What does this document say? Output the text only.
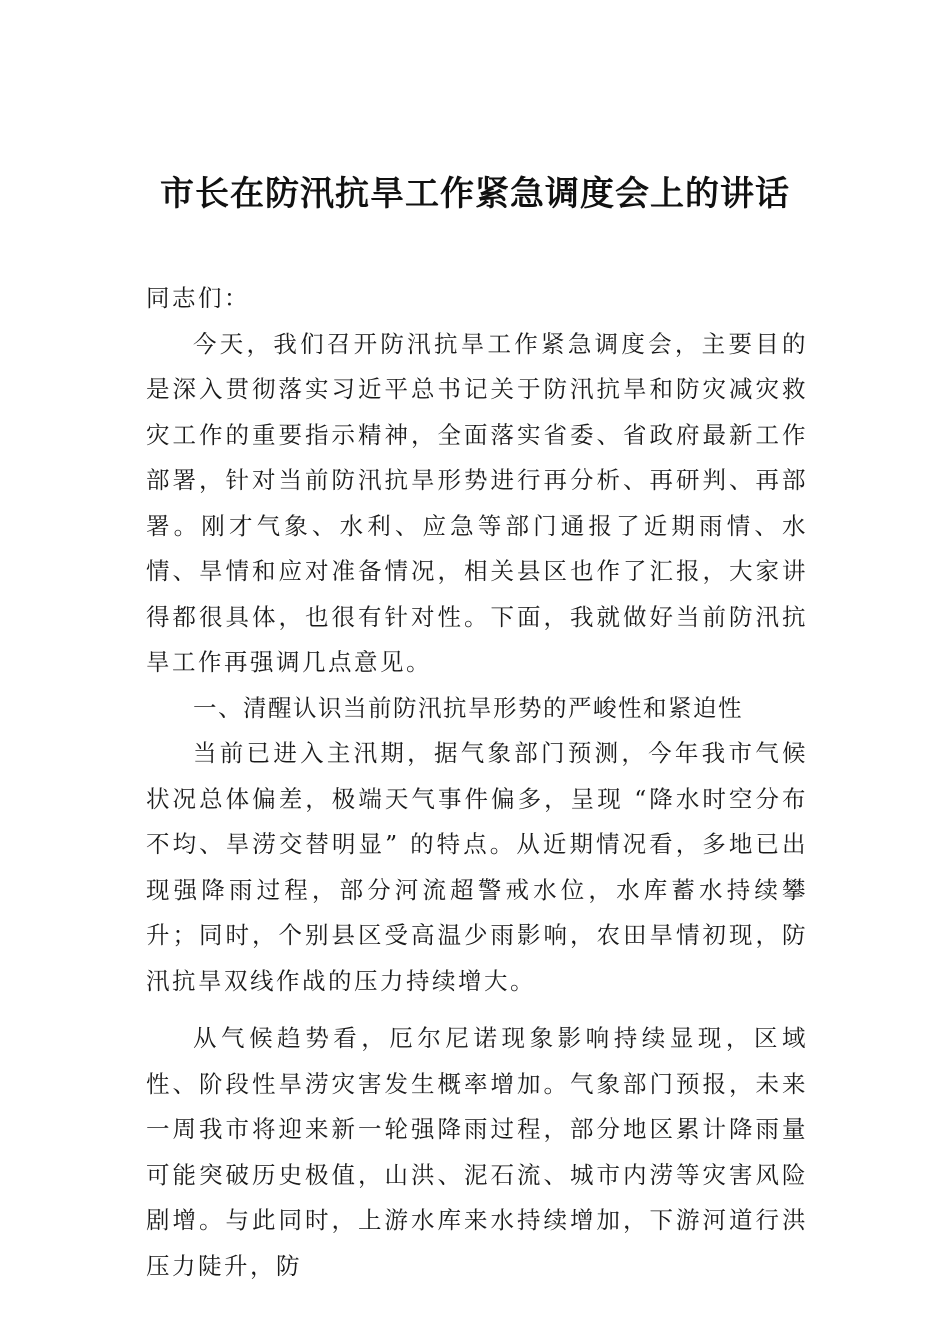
市长在防汛抗旱工作紧急调度会上的讲话

同志们：

今天，我们召开防汛抗旱工作紧急调度会，主要目的是深入贯彻落实习近平总书记关于防汛抗旱和防灾减灾救灾工作的重要指示精神，全面落实省委、省政府最新工作部署，针对当前防汛抗旱形势进行再分析、再研判、再部署。刚才气象、水利、应急等部门通报了近期雨情、水情、旱情和应对准备情况，相关县区也作了汇报，大家讲得都很具体，也很有针对性。下面，我就做好当前防汛抗旱工作再强调几点意见。

一、清醒认识当前防汛抗旱形势的严峻性和紧迫性

当前已进入主汛期，据气象部门预测，今年我市气候状况总体偏差，极端天气事件偏多，呈现 “降水时空分布不均、旱涝交替明显” 的特点。从近期情况看，多地已出现强降雨过程，部分河流超警戒水位，水库蓄水持续攀升；同时，个别县区受高温少雨影响，农田旱情初现，防汛抗旱双线作战的压力持续增大。

从气候趋势看，厄尔尼诺现象影响持续显现，区域性、阶段性旱涝灾害发生概率增加。气象部门预报，未来一周我市将迎来新一轮强降雨过程，部分地区累计降雨量可能突破历史极值，山洪、泥石流、城市内涝等灾害风险剧增。与此同时，上游水库来水持续增加，下游河道行洪压力陡升，防
